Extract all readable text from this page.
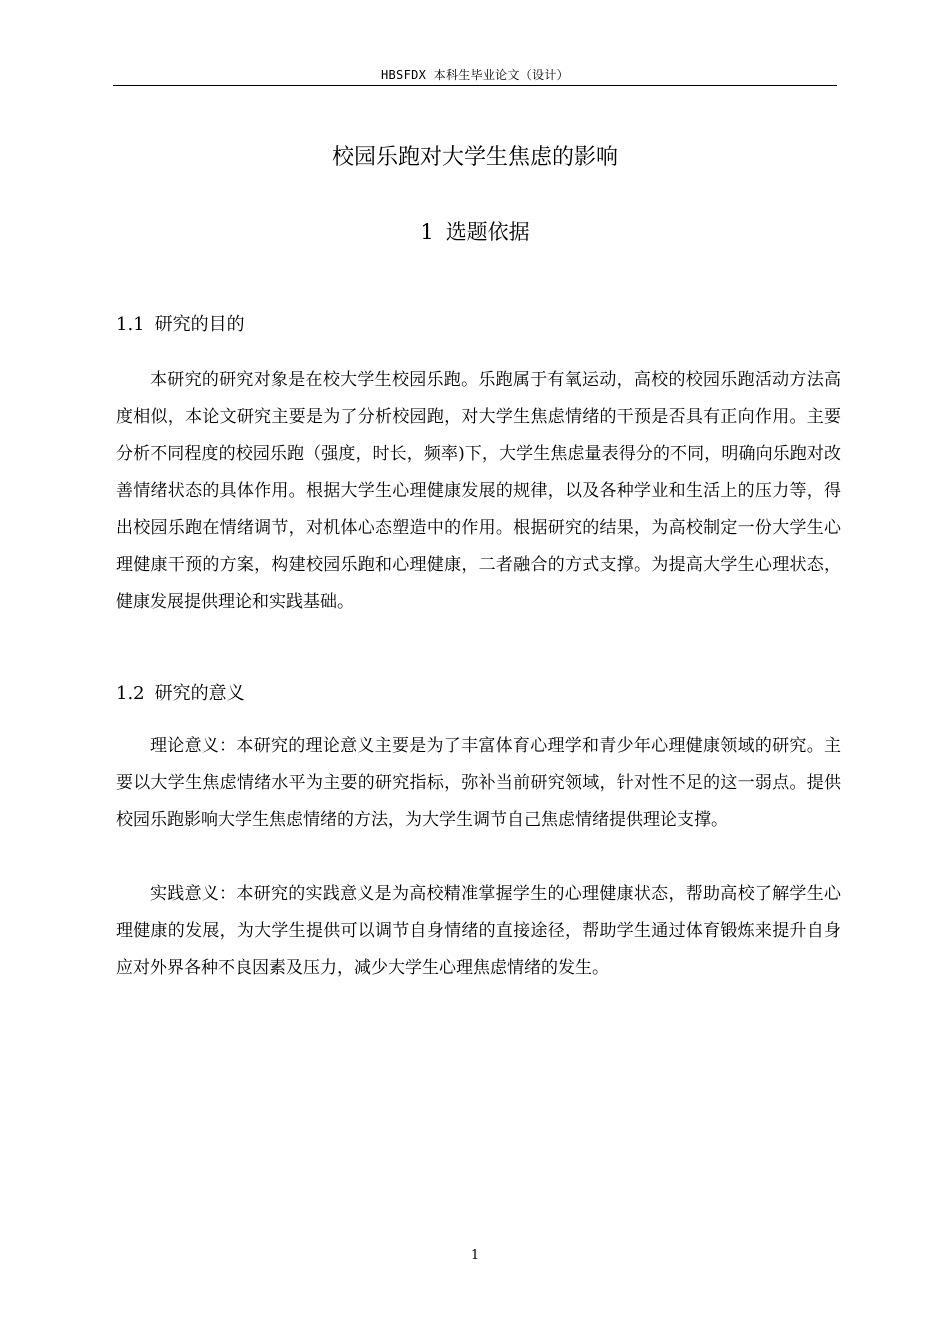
HBSFDX 本科生毕业论文（设计）
校园乐跑对大学生焦虑的影响
1 选题依据
1.1 研究的目的

本研究的研究对象是在校大学生校园乐跑。乐跑属于有氧运动，高校的校园乐跑活动方法高度相似，本论文研究主要是为了分析校园跑，对大学生焦虑情绪的干预是否具有正向作用。主要分析不同程度的校园乐跑（强度，时长，频率)下，大学生焦虑量表得分的不同，明确向乐跑对改善情绪状态的具体作用。根据大学生心理健康发展的规律，以及各种学业和生活上的压力等，得出校园乐跑在情绪调节，对机体心态塑造中的作用。根据研究的结果，为高校制定一份大学生心理健康干预的方案，构建校园乐跑和心理健康，二者融合的方式支撑。为提高大学生心理状态，健康发展提供理论和实践基础。

1.2 研究的意义

理论意义：本研究的理论意义主要是为了丰富体育心理学和青少年心理健康领域的研究。主要以大学生焦虑情绪水平为主要的研究指标，弥补当前研究领域，针对性不足的这一弱点。提供校园乐跑影响大学生焦虑情绪的方法，为大学生调节自己焦虑情绪提供理论支撑。

实践意义：本研究的实践意义是为高校精准掌握学生的心理健康状态，帮助高校了解学生心理健康的发展，为大学生提供可以调节自身情绪的直接途径，帮助学生通过体育锻炼来提升自身应对外界各种不良因素及压力，减少大学生心理焦虑情绪的发生。

1
